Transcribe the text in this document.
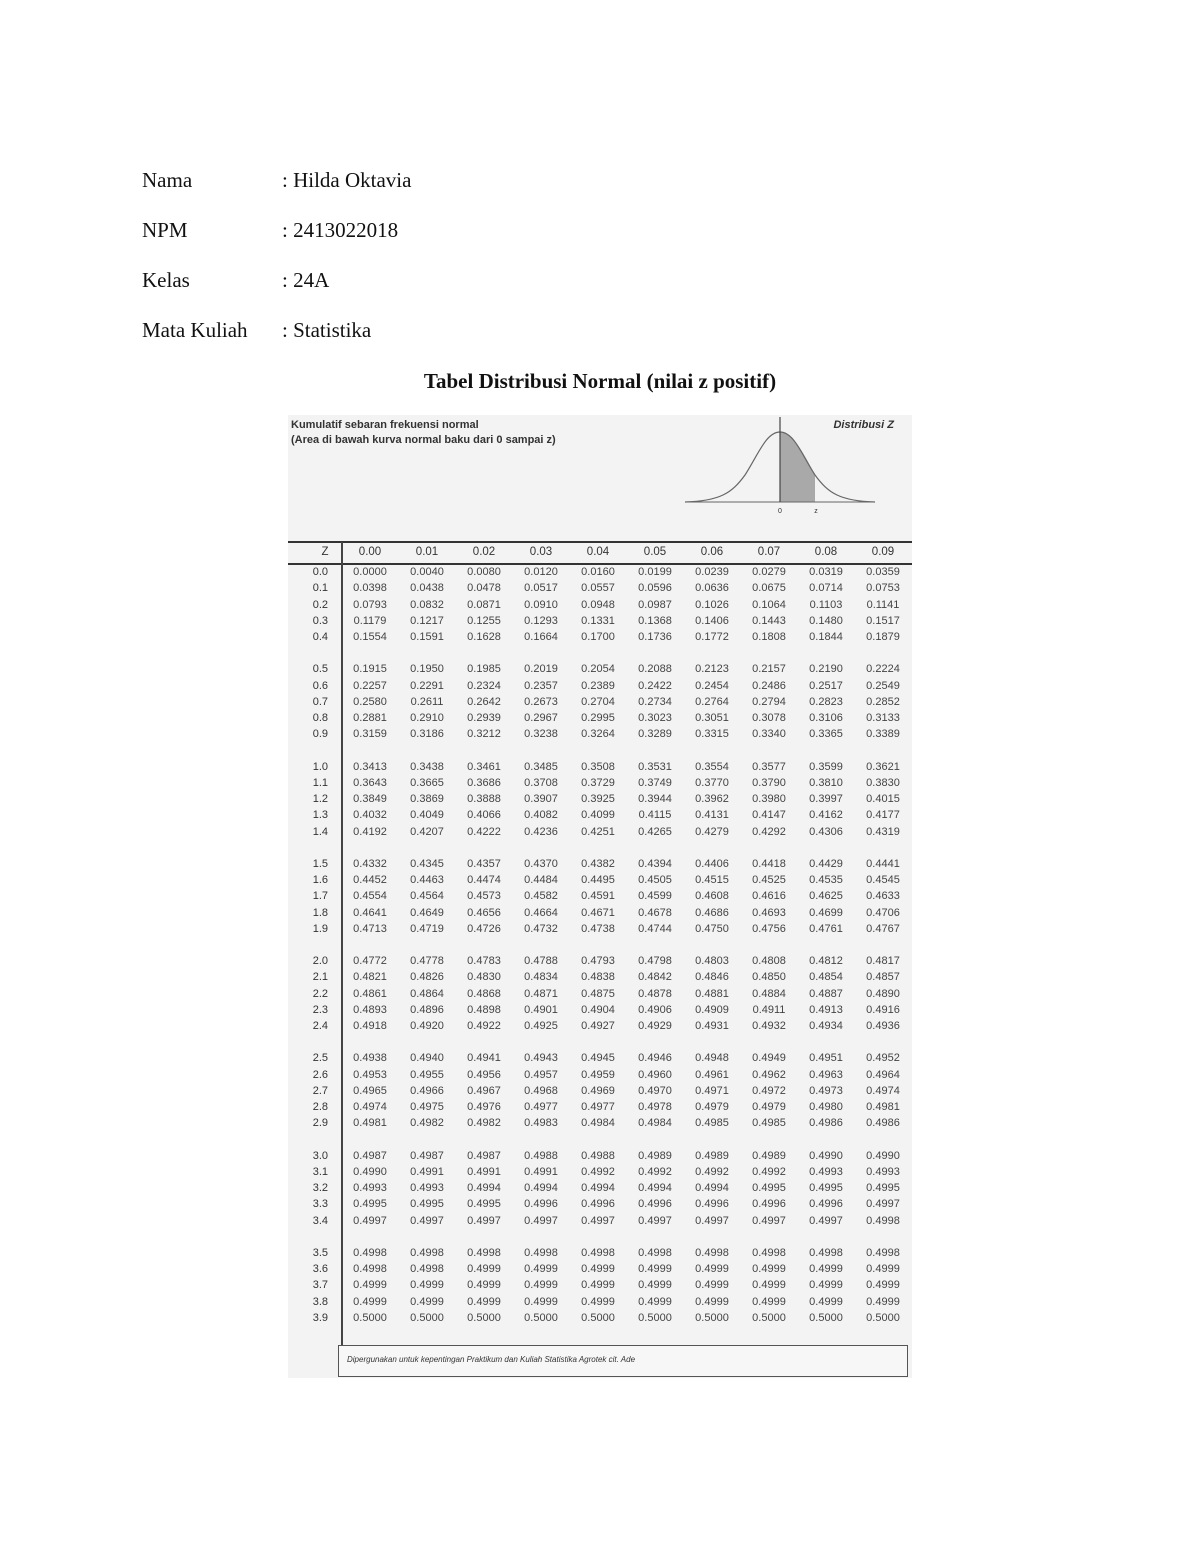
Nama	: Hilda Oktavia
NPM	: 2413022018
Kelas	: 24A
Mata Kuliah : Statistika
Tabel Distribusi Normal (nilai z positif)
Kumulatif sebaran frekuensi normal
(Area di bawah kurva normal baku dari 0 sampai z)
Distribusi Z
0	z
Z	0.00	0.01	0.02	0.03	0.04	0.05	0.06	0.07	0.08	0.09
0.0	0.0000	0.0040	0.0080	0.0120	0.0160	0.0199	0.0239	0.0279	0.0319	0.0359
0.1	0.0398	0.0438	0.0478	0.0517	0.0557	0.0596	0.0636	0.0675	0.0714	0.0753
0.2	0.0793	0.0832	0.0871	0.0910	0.0948	0.0987	0.1026	0.1064	0.1103	0.1141
0.3	0.1179	0.1217	0.1255	0.1293	0.1331	0.1368	0.1406	0.1443	0.1480	0.1517
0.4	0.1554	0.1591	0.1628	0.1664	0.1700	0.1736	0.1772	0.1808	0.1844	0.1879
0.5	0.1915	0.1950	0.1985	0.2019	0.2054	0.2088	0.2123	0.2157	0.2190	0.2224
0.6	0.2257	0.2291	0.2324	0.2357	0.2389	0.2422	0.2454	0.2486	0.2517	0.2549
0.7	0.2580	0.2611	0.2642	0.2673	0.2704	0.2734	0.2764	0.2794	0.2823	0.2852
0.8	0.2881	0.2910	0.2939	0.2967	0.2995	0.3023	0.3051	0.3078	0.3106	0.3133
0.9	0.3159	0.3186	0.3212	0.3238	0.3264	0.3289	0.3315	0.3340	0.3365	0.3389
1.0	0.3413	0.3438	0.3461	0.3485	0.3508	0.3531	0.3554	0.3577	0.3599	0.3621
1.1	0.3643	0.3665	0.3686	0.3708	0.3729	0.3749	0.3770	0.3790	0.3810	0.3830
1.2	0.3849	0.3869	0.3888	0.3907	0.3925	0.3944	0.3962	0.3980	0.3997	0.4015
1.3	0.4032	0.4049	0.4066	0.4082	0.4099	0.4115	0.4131	0.4147	0.4162	0.4177
1.4	0.4192	0.4207	0.4222	0.4236	0.4251	0.4265	0.4279	0.4292	0.4306	0.4319
1.5	0.4332	0.4345	0.4357	0.4370	0.4382	0.4394	0.4406	0.4418	0.4429	0.4441
1.6	0.4452	0.4463	0.4474	0.4484	0.4495	0.4505	0.4515	0.4525	0.4535	0.4545
1.7	0.4554	0.4564	0.4573	0.4582	0.4591	0.4599	0.4608	0.4616	0.4625	0.4633
1.8	0.4641	0.4649	0.4656	0.4664	0.4671	0.4678	0.4686	0.4693	0.4699	0.4706
1.9	0.4713	0.4719	0.4726	0.4732	0.4738	0.4744	0.4750	0.4756	0.4761	0.4767
2.0	0.4772	0.4778	0.4783	0.4788	0.4793	0.4798	0.4803	0.4808	0.4812	0.4817
2.1	0.4821	0.4826	0.4830	0.4834	0.4838	0.4842	0.4846	0.4850	0.4854	0.4857
2.2	0.4861	0.4864	0.4868	0.4871	0.4875	0.4878	0.4881	0.4884	0.4887	0.4890
2.3	0.4893	0.4896	0.4898	0.4901	0.4904	0.4906	0.4909	0.4911	0.4913	0.4916
2.4	0.4918	0.4920	0.4922	0.4925	0.4927	0.4929	0.4931	0.4932	0.4934	0.4936
2.5	0.4938	0.4940	0.4941	0.4943	0.4945	0.4946	0.4948	0.4949	0.4951	0.4952
2.6	0.4953	0.4955	0.4956	0.4957	0.4959	0.4960	0.4961	0.4962	0.4963	0.4964
2.7	0.4965	0.4966	0.4967	0.4968	0.4969	0.4970	0.4971	0.4972	0.4973	0.4974
2.8	0.4974	0.4975	0.4976	0.4977	0.4977	0.4978	0.4979	0.4979	0.4980	0.4981
2.9	0.4981	0.4982	0.4982	0.4983	0.4984	0.4984	0.4985	0.4985	0.4986	0.4986
3.0	0.4987	0.4987	0.4987	0.4988	0.4988	0.4989	0.4989	0.4989	0.4990	0.4990
3.1	0.4990	0.4991	0.4991	0.4991	0.4992	0.4992	0.4992	0.4992	0.4993	0.4993
3.2	0.4993	0.4993	0.4994	0.4994	0.4994	0.4994	0.4994	0.4995	0.4995	0.4995
3.3	0.4995	0.4995	0.4995	0.4996	0.4996	0.4996	0.4996	0.4996	0.4996	0.4997
3.4	0.4997	0.4997	0.4997	0.4997	0.4997	0.4997	0.4997	0.4997	0.4997	0.4998
3.5	0.4998	0.4998	0.4998	0.4998	0.4998	0.4998	0.4998	0.4998	0.4998	0.4998
3.6	0.4998	0.4998	0.4999	0.4999	0.4999	0.4999	0.4999	0.4999	0.4999	0.4999
3.7	0.4999	0.4999	0.4999	0.4999	0.4999	0.4999	0.4999	0.4999	0.4999	0.4999
3.8	0.4999	0.4999	0.4999	0.4999	0.4999	0.4999	0.4999	0.4999	0.4999	0.4999
3.9	0.5000	0.5000	0.5000	0.5000	0.5000	0.5000	0.5000	0.5000	0.5000	0.5000
Dipergunakan untuk kepentingan Praktikum dan Kuliah Statistika Agrotek cit. Ade
